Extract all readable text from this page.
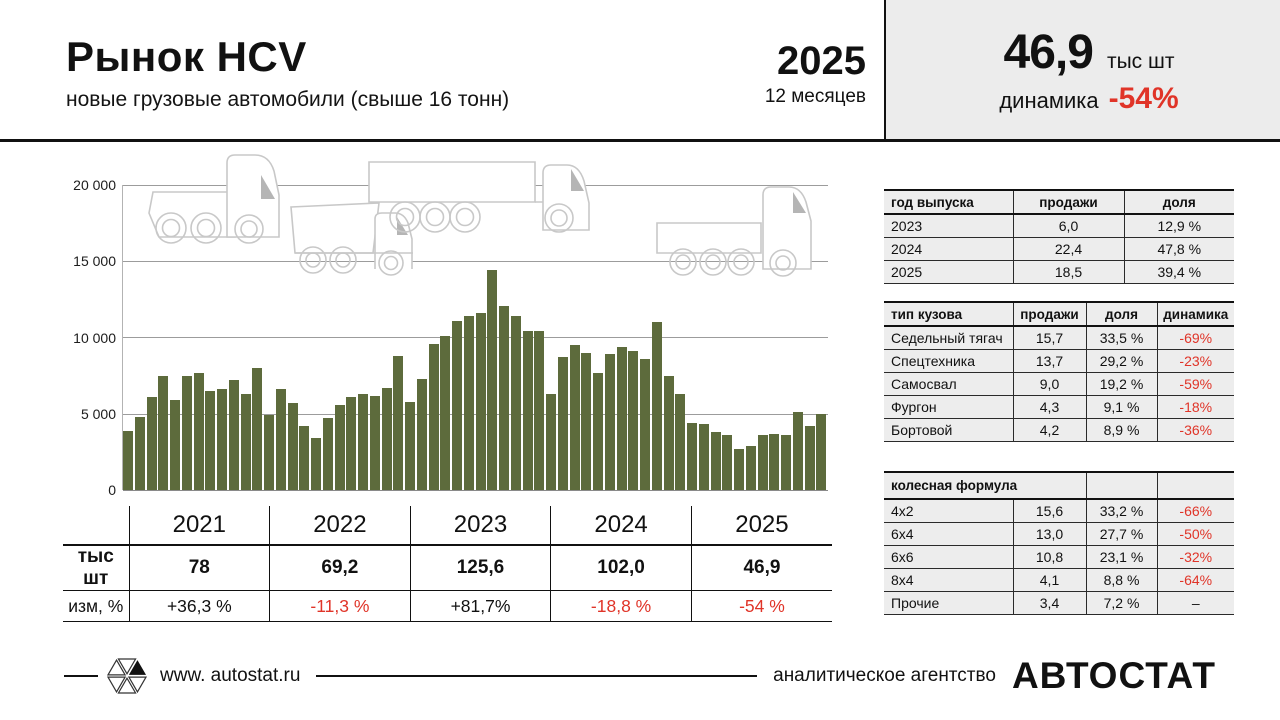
Рынок HCV
новые грузовые автомобили (свыше 16 тонн)
2025
12 месяцев
46,9 тыс шт
динамика -54%
20 000
15 000
10 000
5 000
0
	2021	2022	2023	2024	2025
тыс шт	78	69,2	125,6	102,0	46,9
изм, %	+36,3 %	-11,3 %	+81,7%	-18,8 %	-54 %
год выпуска	продажи	доля
2023	6,0	12,9 %
2024	22,4	47,8 %
2025	18,5	39,4 %
тип кузова	продажи	доля	динамика
Седельный тягач	15,7	33,5 %	-69%
Спецтехника	13,7	29,2 %	-23%
Самосвал	9,0	19,2 %	-59%
Фургон	4,3	9,1 %	-18%
Бортовой	4,2	8,9 %	-36%
колесная формула			
4x2	15,6	33,2 %	-66%
6x4	13,0	27,7 %	-50%
6x6	10,8	23,1 %	-32%
8x4	4,1	8,8 %	-64%
Прочие	3,4	7,2 %	–
www. autostat.ru	аналитическое агентство АВТОСТАТ
